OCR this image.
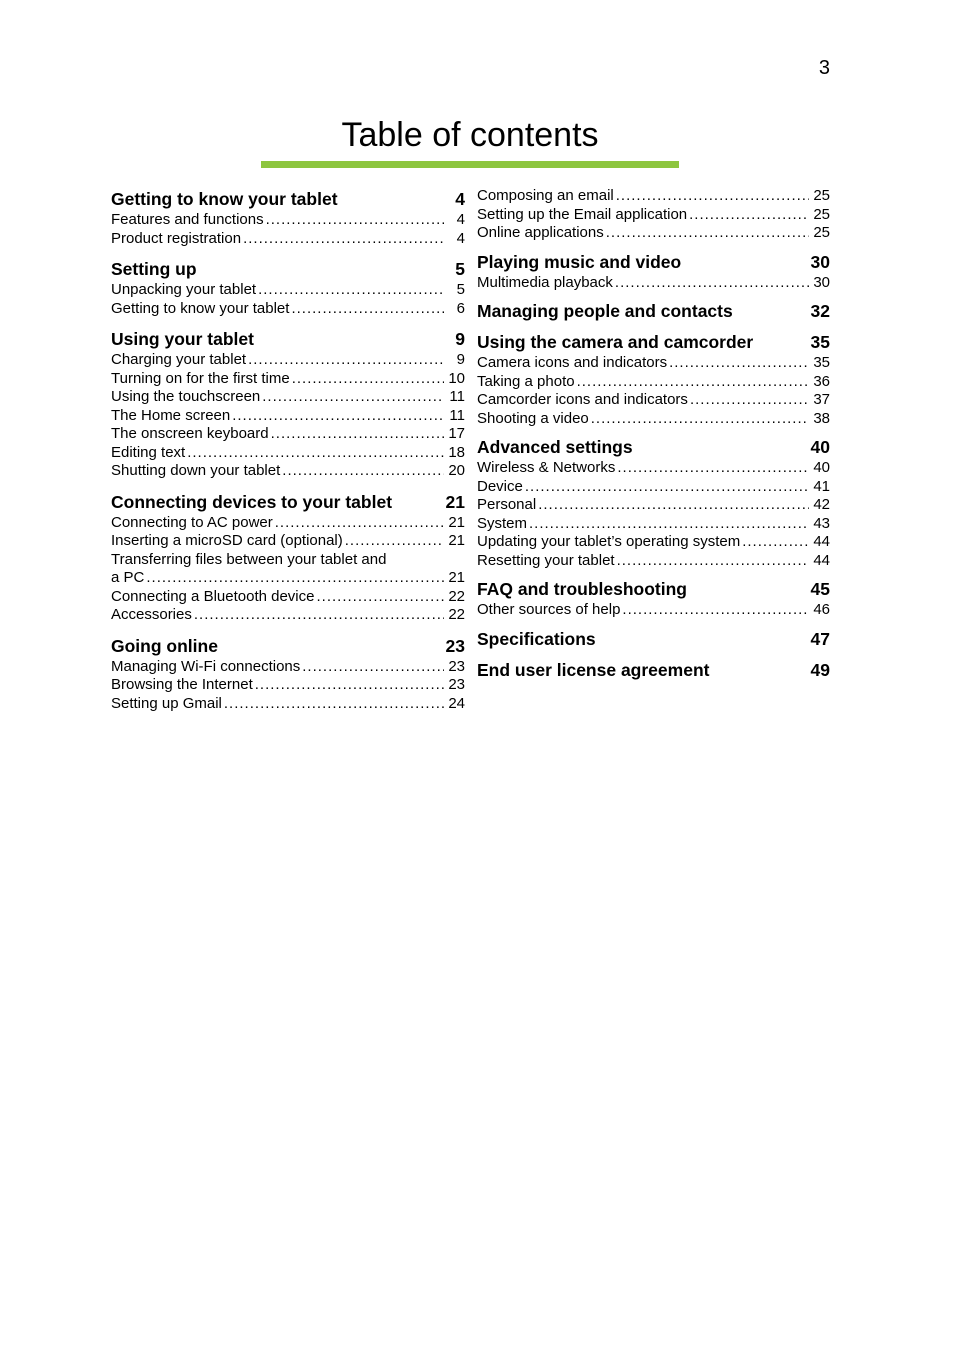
3
Table of contents
Getting to know your tablet	4
Features and functions .....	4
Product registration .....	4
Setting up	5
Unpacking your tablet .....	5
Getting to know your tablet .....	6
Using your tablet	9
Charging your tablet .....	9
Turning on for the first time .....	10
Using the touchscreen .....	11
The Home screen .....	11
The onscreen keyboard .....	17
Editing text .....	18
Shutting down your tablet .....	20
Connecting devices to your tablet	21
Connecting to AC power .....	21
Inserting a microSD card (optional) .....	21
Transferring files between your tablet and
a PC .....	21
Connecting a Bluetooth device .....	22
Accessories .....	22
Going online	23
Managing Wi-Fi connections .....	23
Browsing the Internet .....	23
Setting up Gmail .....	24
Composing an email .....	25
Setting up the Email application .....	25
Online applications .....	25
Playing music and video	30
Multimedia playback .....	30
Managing people and contacts	32
Using the camera and camcorder	35
Camera icons and indicators .....	35
Taking a photo .....	36
Camcorder icons and indicators .....	37
Shooting a video .....	38
Advanced settings	40
Wireless & Networks .....	40
Device .....	41
Personal .....	42
System .....	43
Updating your tablet’s operating system .....	44
Resetting your tablet .....	44
FAQ and troubleshooting	45
Other sources of help .....	46
Specifications	47
End user license agreement	49
